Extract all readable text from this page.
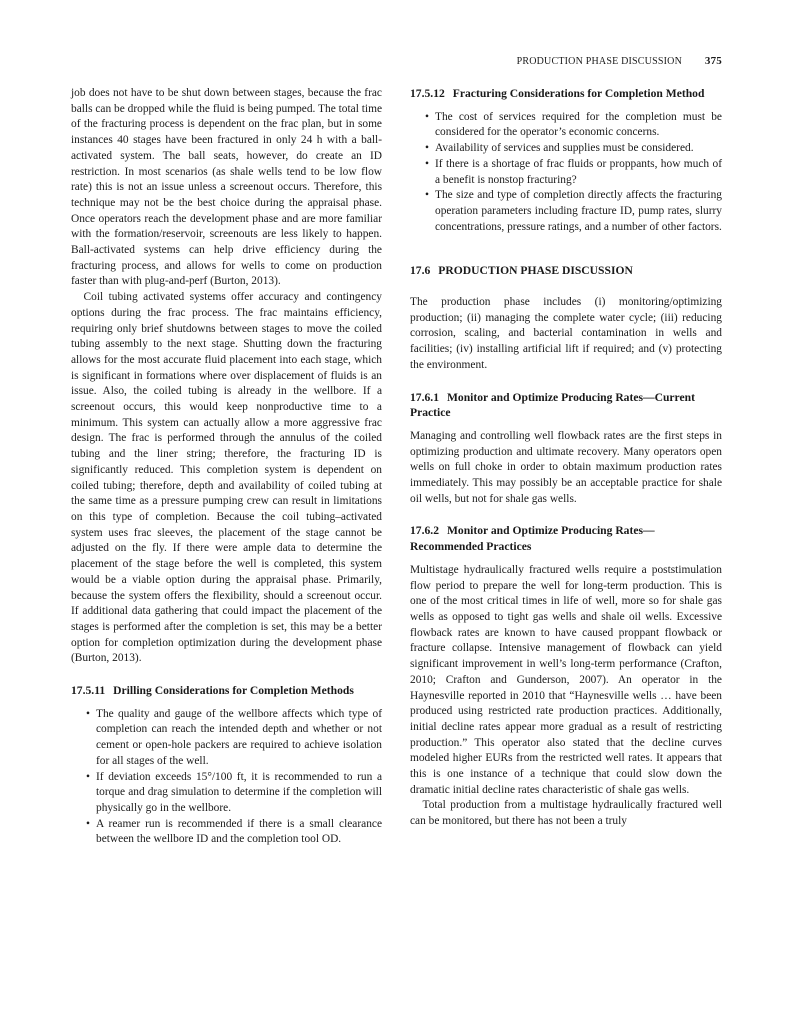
PRODUCTION PHASE DISCUSSION 375

job does not have to be shut down between stages, because the frac balls can be dropped while the fluid is being pumped. The total time of the fracturing process is dependent on the frac plan, but in some instances 40 stages have been fractured in only 24 h with a ball-activated system. The ball seats, however, do create an ID restriction. In most scenarios (as shale wells tend to be low flow rate) this is not an issue unless a screenout occurs. Therefore, this technique may not be the best choice during the appraisal phase. Once operators reach the development phase and are more familiar with the formation/reservoir, screenouts are less likely to happen. Ball-activated systems can help drive efficiency during the fracturing process, and allows for wells to come on production faster than with plug-and-perf (Burton, 2013).

Coil tubing activated systems offer accuracy and contingency options during the frac process. The frac maintains efficiency, requiring only brief shutdowns between stages to move the coiled tubing assembly to the next stage. Shutting down the fracturing allows for the most accurate fluid placement into each stage, which is significant in formations where over displacement of fluids is an issue. Also, the coiled tubing is already in the wellbore. If a screenout occurs, this would keep nonproductive time to a minimum. This system can actually allow a more aggressive frac design. The frac is performed through the annulus of the coiled tubing and the liner string; therefore, the fracturing ID is significantly reduced. This completion system is dependent on coiled tubing; therefore, depth and availability of coiled tubing at the same time as a pressure pumping crew can result in limitations on this type of completion. Because the coil tubing–activated system uses frac sleeves, the placement of the stage cannot be adjusted on the fly. If there were ample data to determine the placement of the stage before the well is completed, this system would be a viable option during the appraisal phase. Primarily, because the system offers the flexibility, should a screenout occur. If additional data gathering that could impact the placement of the stages is performed after the completion is set, this may be a better option for completion optimization during the development phase (Burton, 2013).

17.5.11 Drilling Considerations for Completion Methods
• The quality and gauge of the wellbore affects which type of completion can reach the intended depth and whether or not cement or open-hole packers are required to achieve isolation for all stages of the well.
• If deviation exceeds 15°/100 ft, it is recommended to run a torque and drag simulation to determine if the completion will physically go in the wellbore.
• A reamer run is recommended if there is a small clearance between the wellbore ID and the completion tool OD.
17.5.12 Fracturing Considerations for Completion Method
• The cost of services required for the completion must be considered for the operator’s economic concerns.
• Availability of services and supplies must be considered.
• If there is a shortage of frac fluids or proppants, how much of a benefit is nonstop fracturing?
• The size and type of completion directly affects the fracturing operation parameters including fracture ID, pump rates, slurry concentrations, pressure ratings, and a number of other factors.
17.6 PRODUCTION PHASE DISCUSSION

The production phase includes (i) monitoring/optimizing production; (ii) managing the complete water cycle; (iii) reducing corrosion, scaling, and bacterial contamination in wells and facilities; (iv) installing artificial lift if required; and (v) protecting the environment.

17.6.1 Monitor and Optimize Producing Rates—Current Practice

Managing and controlling well flowback rates are the first steps in optimizing production and ultimate recovery. Many operators open wells on full choke in order to obtain maximum production rates immediately. This may possibly be an acceptable practice for shale oil wells, but not for shale gas wells.

17.6.2 Monitor and Optimize Producing Rates—Recommended Practices

Multistage hydraulically fractured wells require a poststimulation flow period to prepare the well for long-term production. This is one of the most critical times in life of well, more so for shale gas wells as opposed to tight gas wells and shale oil wells. Excessive flowback rates are known to have caused proppant flowback or fracture collapse. Intensive management of flowback can yield significant improvement in well’s long-term performance (Crafton, 2010; Crafton and Gunderson, 2007). An operator in the Haynesville reported in 2010 that “Haynesville wells … have been produced using restricted rate production practices. Additionally, initial decline rates appear more gradual as a result of restricting production.” This operator also stated that the decline curves modeled higher EURs from the restricted well rates. It appears that this is one instance of a technique that could slow down the dramatic initial decline rates characteristic of shale gas wells.

Total production from a multistage hydraulically fractured well can be monitored, but there has not been a truly
